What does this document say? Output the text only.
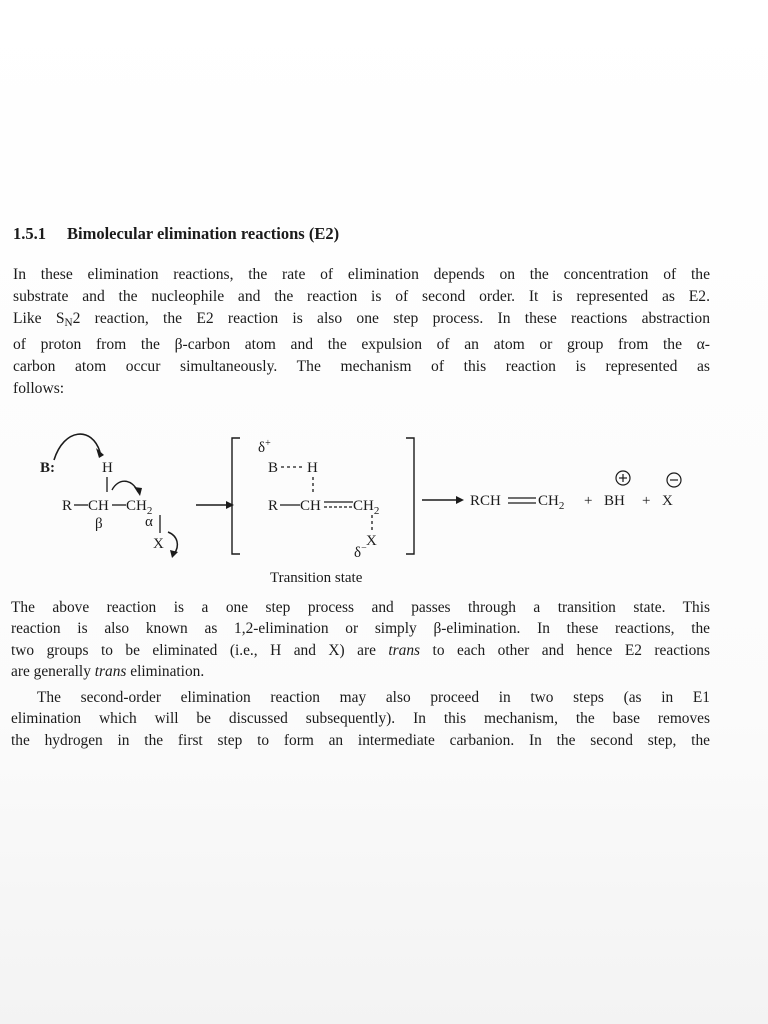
1.5.1 Bimolecular elimination reactions (E2)
In these elimination reactions, the rate of elimination depends on the concentration of the
substrate and the nucleophile and the reaction is of second order. It is represented as E2.
Like $S_N2$ reaction, the E2 reaction is also one step process. In these reactions abstraction
of proton from the β-carbon atom and the expulsion of an atom or group from the α-
carbon atom occur simultaneously. The mechanism of this reaction is represented as
follows:
B:	H
R CH $CH_2$
β	α
X
δ+
B H
R CH $CH_2$
X
δ−
RCH $CH_2$ + BH + X
Transition state
The above reaction is a one step process and passes through a transition state. This
reaction is also known as 1,2-elimination or simply β-elimination. In these reactions, the
two groups to be eliminated (i.e., H and X) are trans to each other and hence E2 reactions
are generally trans elimination.
The second-order elimination reaction may also proceed in two steps (as in E1
elimination which will be discussed subsequently). In this mechanism, the base removes
the hydrogen in the first step to form an intermediate carbanion. In the second step, the
